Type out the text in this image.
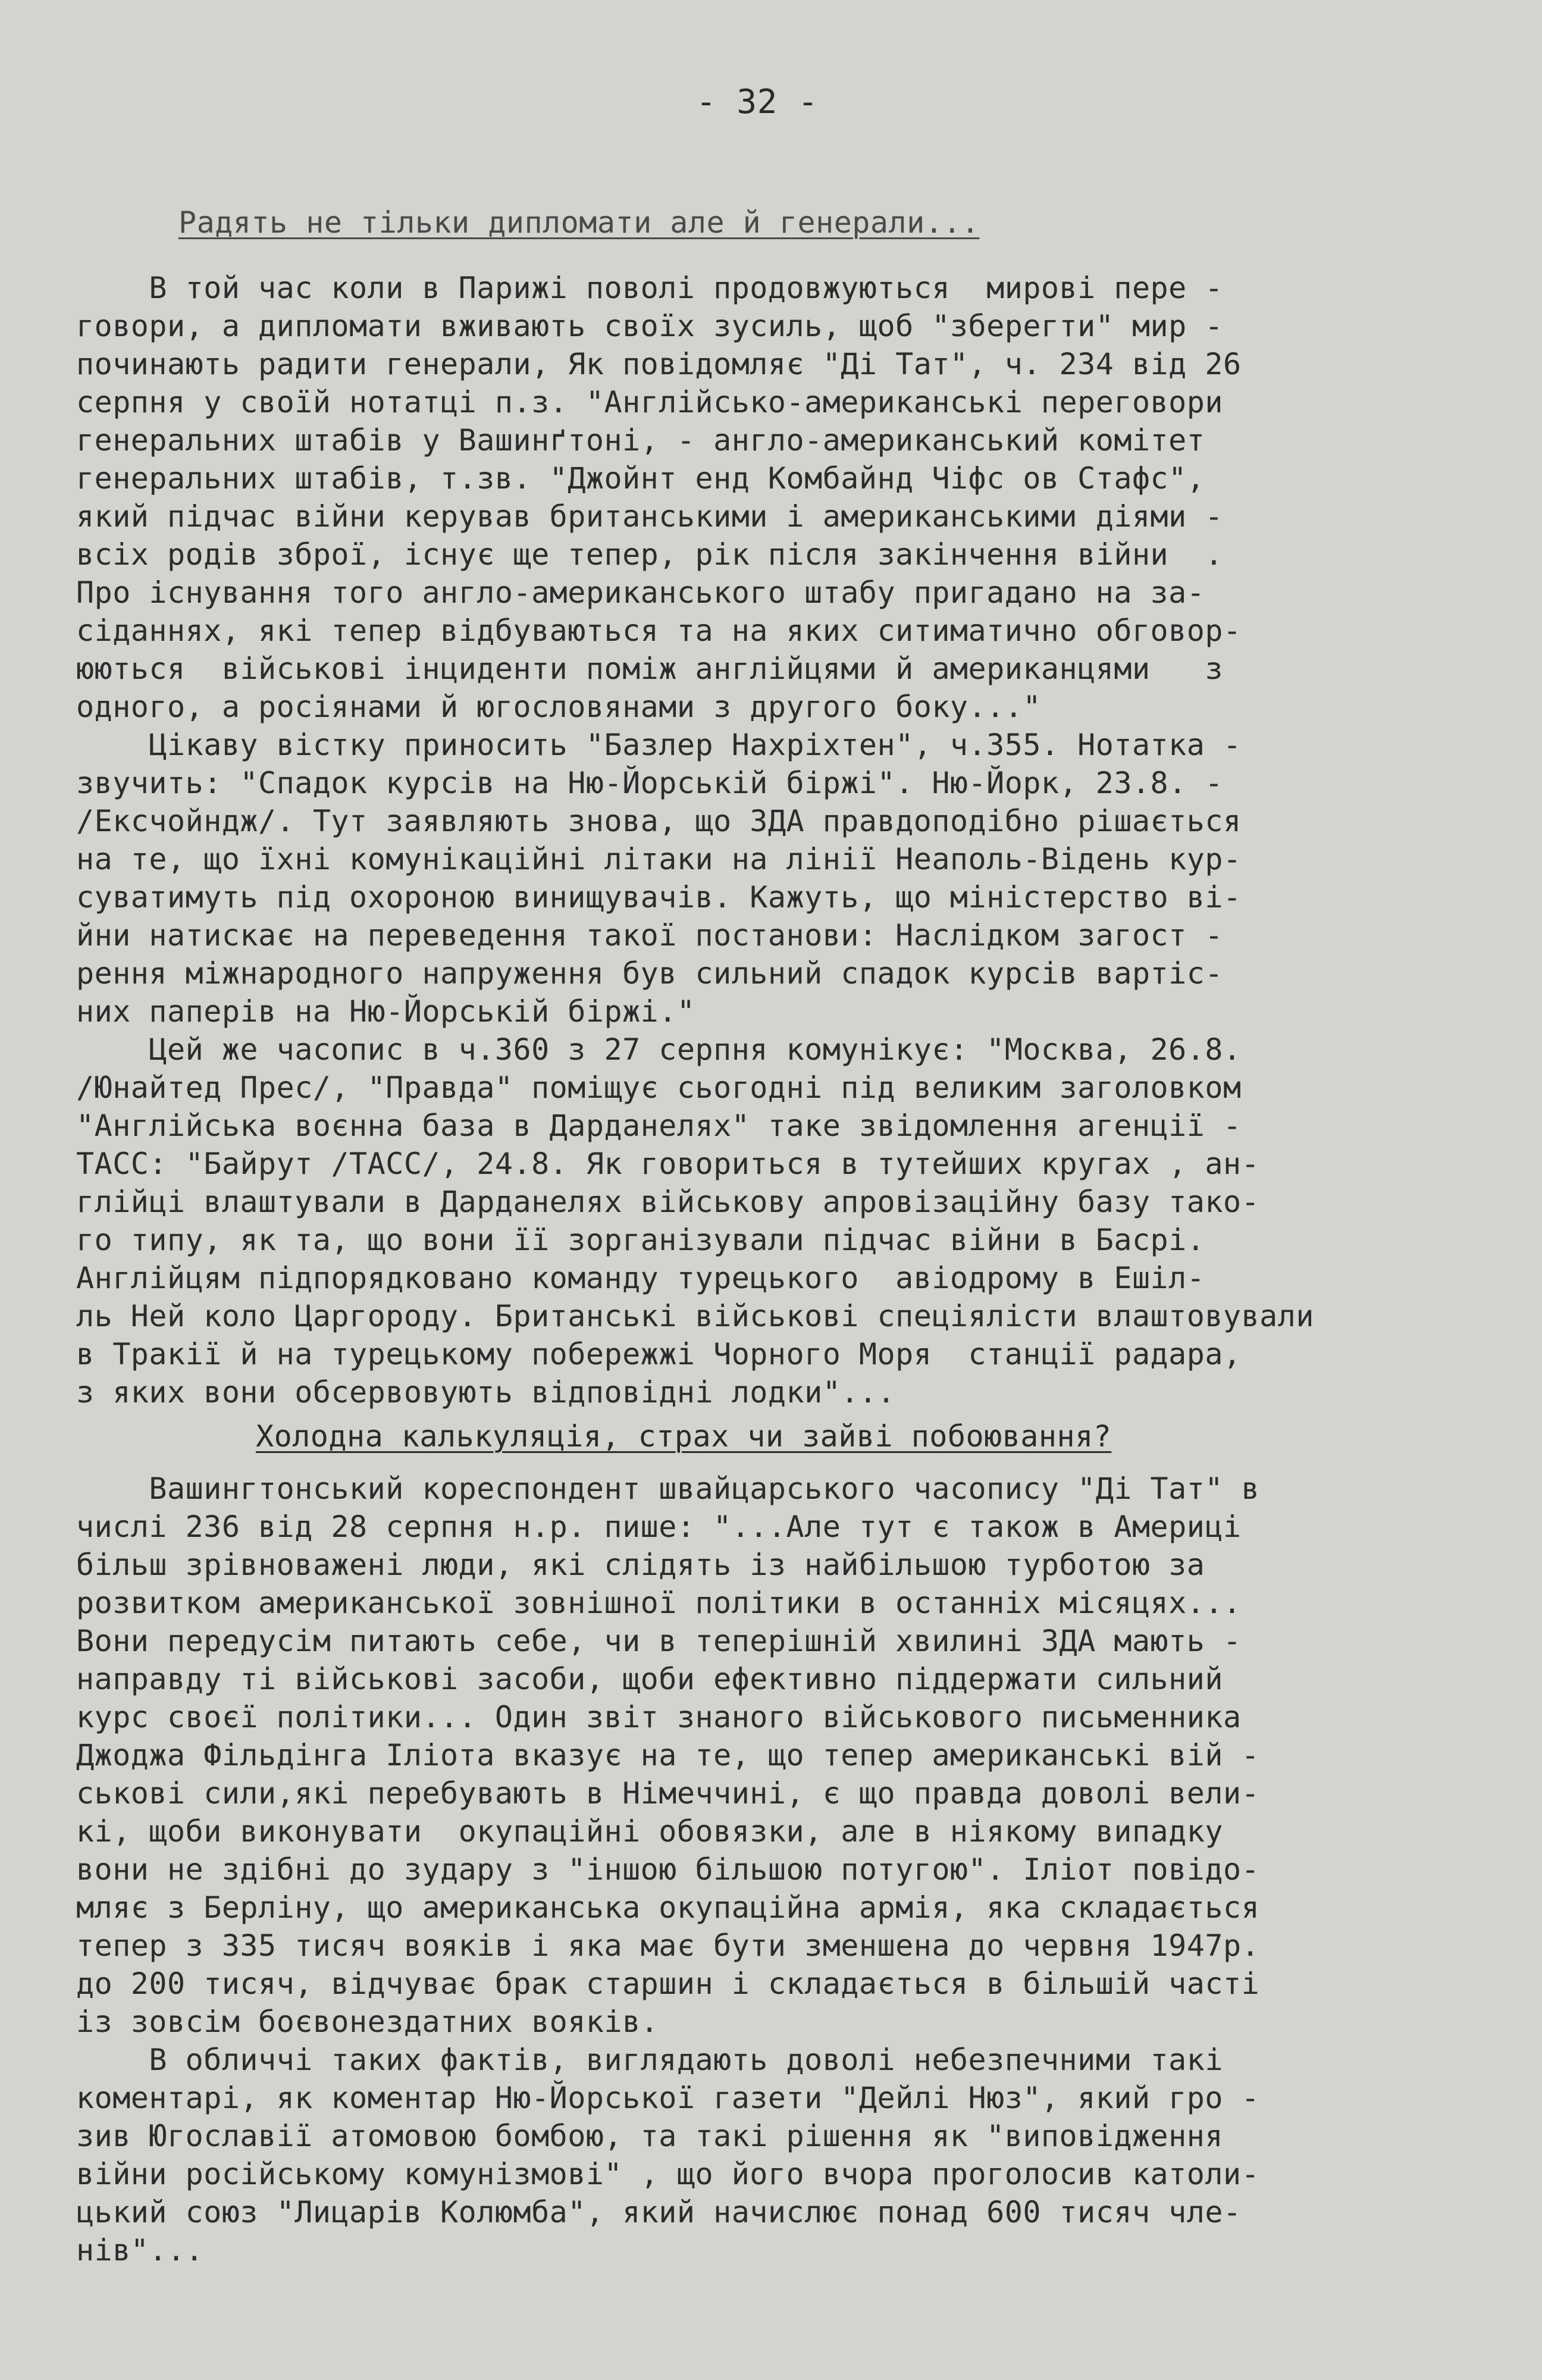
- 32 -
Радять не тільки дипломати але й генерали...
В той час коли в Парижі поволі продовжуються  мирові пере -
говори, а дипломати вживають своїх зусиль, щоб "зберегти" мир -
починають радити генерали, Як повідомляє "Ді Тат", ч. 234 від 26
серпня у своїй нотатці п.з. "Англійсько-американські переговори
генеральних штабів у Вашинґтоні, - англо-американський комітет
генеральних штабів, т.зв. "Джойнт енд Комбайнд Чіфс ов Стафс",
який підчас війни керував британськими і американськими діями -
всіх родів зброї, існує ще тепер, рік після закінчення війни  .
Про існування того англо-американського штабу пригадано на за-
сіданнях, які тепер відбуваються та на яких ситиматично обговор-
юються  військові інциденти поміж англійцями й американцями   з
одного, а росіянами й югословянами з другого боку..."
Цікаву вістку приносить "Базлер Нахріхтен", ч.355. Нотатка -
звучить: "Спадок курсів на Ню-Йорській біржі". Ню-Йорк, 23.8. -
/Ексчойндж/. Тут заявляють знова, що ЗДА правдоподібно рішається
на те, що їхні комунікаційні літаки на лінії Неаполь-Відень кур-
суватимуть під охороною винищувачів. Кажуть, що міністерство ві-
йни натискає на переведення такої постанови: Наслідком загост -
рення міжнародного напруження був сильний спадок курсів вартіс-
них паперів на Ню-Йорській біржі."
Цей же часопис в ч.360 з 27 серпня комунікує: "Москва, 26.8.
/Юнайтед Прес/, "Правда" поміщує сьогодні під великим заголовком
"Англійська воєнна база в Дарданелях" таке звідомлення агенції -
ТАСС: "Байрут /ТАСС/, 24.8. Як говориться в тутейших кругах , ан-
глійці влаштували в Дарданелях військову апровізаційну базу тако-
го типу, як та, що вони її зорганізували підчас війни в Басрі.
Англійцям підпорядковано команду турецького  авіодрому в Ешіл-
ль Ней коло Царгороду. Британські військові спеціялісти влаштовували
в Тракії й на турецькому побережжі Чорного Моря  станції радара,
з яких вони обсервовують відповідні лодки"...
Холодна калькуляція, страх чи зайві побоювання?
Вашингтонський кореспондент швайцарського часопису "Ді Тат" в
числі 236 від 28 серпня н.р. пише: "...Але тут є також в Америці
більш зрівноважені люди, які слідять із найбільшою турботою за
розвитком американської зовнішної політики в останніх місяцях...
Вони передусім питають себе, чи в теперішній хвилині ЗДА мають -
направду ті військові засоби, щоби ефективно піддержати сильний
курс своєї політики... Один звіт знаного військового письменника
Джоджа Фільдінга Іліота вказує на те, що тепер американські вій -
ськові сили,які перебувають в Німеччині, є що правда доволі вели-
кі, щоби виконувати  окупаційні обовязки, але в ніякому випадку
вони не здібні до зудару з "іншою більшою потугою". Іліот повідо-
мляє з Берліну, що американська окупаційна армія, яка складається
тепер з 335 тисяч вояків і яка має бути зменшена до червня 1947р.
до 200 тисяч, відчуває брак старшин і складається в більшій часті
із зовсім боєвонездатних вояків.
В обличчі таких фактів, виглядають доволі небезпечними такі
коментарі, як коментар Ню-Йорської газети "Дейлі Нюз", який гро -
зив Югославії атомовою бомбою, та такі рішення як "виповідження
війни російському комунізмові" , що його вчора проголосив католи-
цький союз "Лицарів Колюмба", який начислює понад 600 тисяч чле-
нів"...
